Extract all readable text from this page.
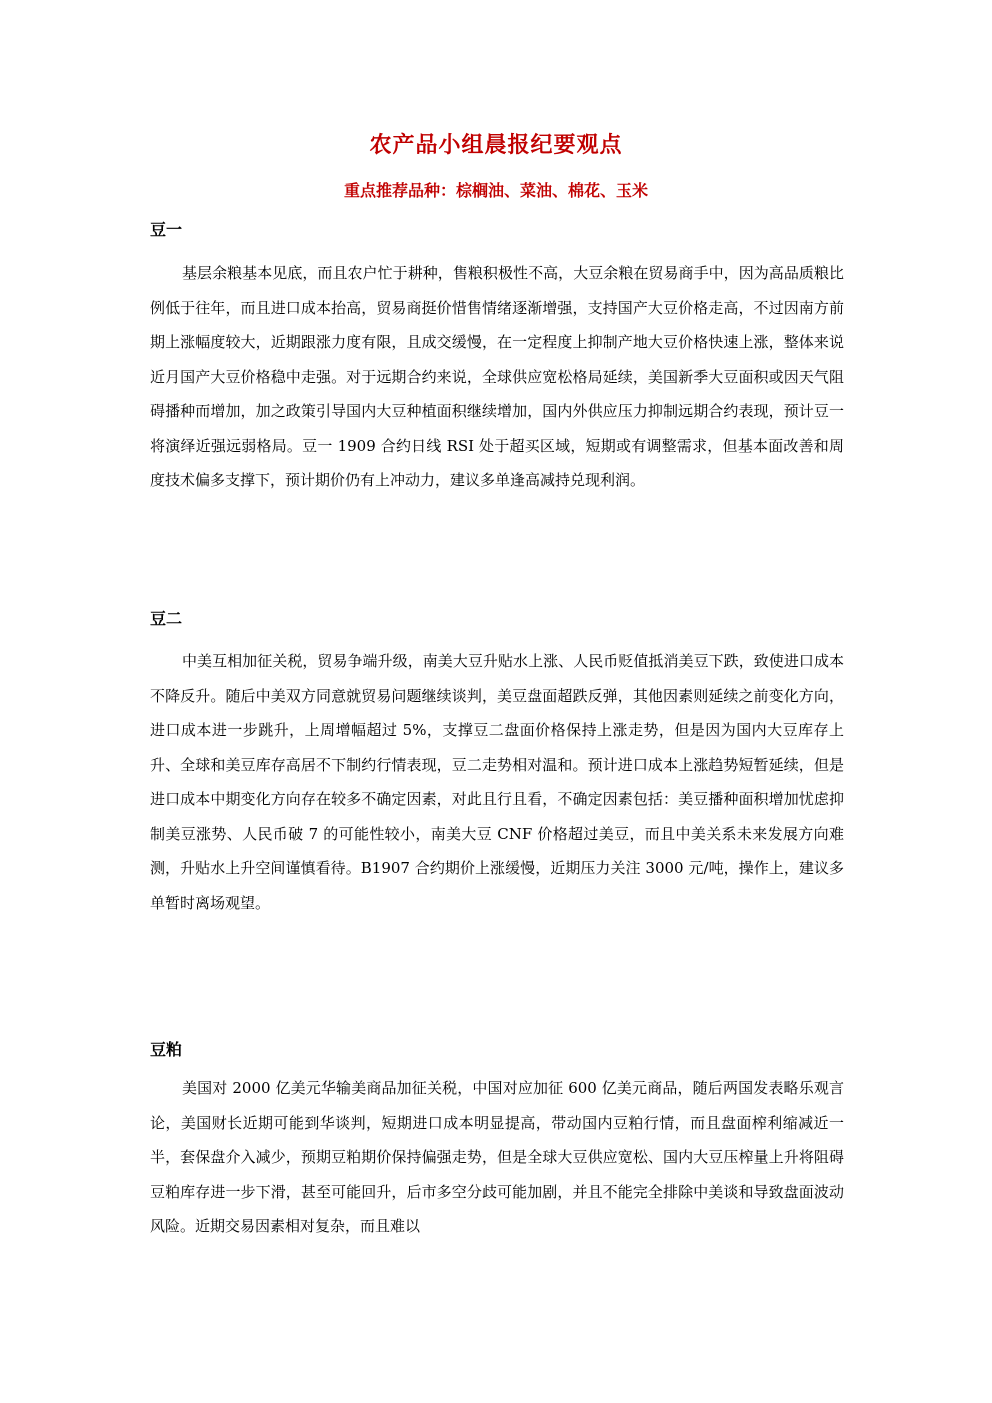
农产品小组晨报纪要观点
重点推荐品种：棕榈油、菜油、棉花、玉米
豆一

基层余粮基本见底，而且农户忙于耕种，售粮积极性不高，大豆余粮在贸易商手中，因为高品质粮比例低于往年，而且进口成本抬高，贸易商挺价惜售情绪逐渐增强，支持国产大豆价格走高，不过因南方前期上涨幅度较大，近期跟涨力度有限，且成交缓慢，在一定程度上抑制产地大豆价格快速上涨，整体来说近月国产大豆价格稳中走强。对于远期合约来说，全球供应宽松格局延续，美国新季大豆面积或因天气阻碍播种而增加，加之政策引导国内大豆种植面积继续增加，国内外供应压力抑制远期合约表现，预计豆一将演绎近强远弱格局。豆一 1909 合约日线 RSI 处于超买区域，短期或有调整需求，但基本面改善和周度技术偏多支撑下，预计期价仍有上冲动力，建议多单逢高减持兑现利润。

豆二

中美互相加征关税，贸易争端升级，南美大豆升贴水上涨、人民币贬值抵消美豆下跌，致使进口成本不降反升。随后中美双方同意就贸易问题继续谈判，美豆盘面超跌反弹，其他因素则延续之前变化方向，进口成本进一步跳升，上周增幅超过 5%，支撑豆二盘面价格保持上涨走势，但是因为国内大豆库存上升、全球和美豆库存高居不下制约行情表现，豆二走势相对温和。预计进口成本上涨趋势短暂延续，但是进口成本中期变化方向存在较多不确定因素，对此且行且看，不确定因素包括：美豆播种面积增加忧虑抑制美豆涨势、人民币破 7 的可能性较小，南美大豆 CNF 价格超过美豆，而且中美关系未来发展方向难测，升贴水上升空间谨慎看待。B1907 合约期价上涨缓慢，近期压力关注 3000 元/吨，操作上，建议多单暂时离场观望。

豆粕

美国对 2000 亿美元华输美商品加征关税，中国对应加征 600 亿美元商品，随后两国发表略乐观言论，美国财长近期可能到华谈判，短期进口成本明显提高，带动国内豆粕行情，而且盘面榨利缩减近一半，套保盘介入减少，预期豆粕期价保持偏强走势，但是全球大豆供应宽松、国内大豆压榨量上升将阻碍豆粕库存进一步下滑，甚至可能回升，后市多空分歧可能加剧，并且不能完全排除中美谈和导致盘面波动风险。近期交易因素相对复杂，而且难以
